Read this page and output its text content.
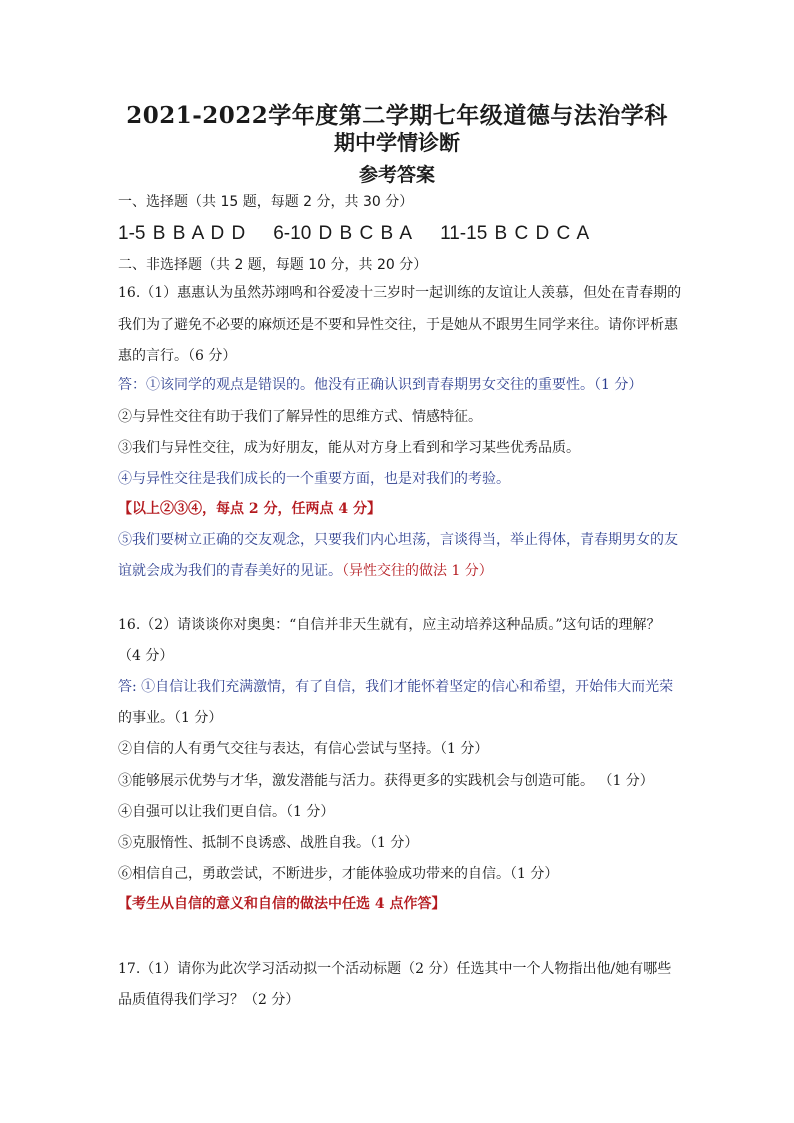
2021-2022学年度第二学期七年级道德与法治学科
期中学情诊断
参考答案
一、选择题（共 15 题，每题 2 分，共 30 分）
1-5 B B A D D 6-10 D B C B A 11-15 B C D C A
二、非选择题（共 2 题，每题 10 分，共 20 分）
16.（1）惠惠认为虽然苏翊鸣和谷爱凌十三岁时一起训练的友谊让人羡慕，但处在青春期的
我们为了避免不必要的麻烦还是不要和异性交往，于是她从不跟男生同学来往。请你评析惠
惠的言行。（6 分）
答：①该同学的观点是错误的。他没有正确认识到青春期男女交往的重要性。（1 分）
②与异性交往有助于我们了解异性的思维方式、情感特征。
③我们与异性交往，成为好朋友，能从对方身上看到和学习某些优秀品质。
④与异性交往是我们成长的一个重要方面，也是对我们的考验。
【以上②③④，每点 2 分，任两点 4 分】
⑤我们要树立正确的交友观念，只要我们内心坦荡，言谈得当，举止得体，青春期男女的友
谊就会成为我们的青春美好的见证。（异性交往的做法 1 分）
16.（2）请谈谈你对奥奥：“自信并非天生就有，应主动培养这种品质。”这句话的理解？
（4 分）
答: ①自信让我们充满激情，有了自信，我们才能怀着坚定的信心和希望，开始伟大而光荣
的事业。（1 分）
②自信的人有勇气交往与表达，有信心尝试与坚持。（1 分）
③能够展示优势与才华，激发潜能与活力。获得更多的实践机会与创造可能。 （1 分）
④自强可以让我们更自信。（1 分）
⑤克服惰性、抵制不良诱惑、战胜自我。（1 分）
⑥相信自己，勇敢尝试，不断进步，才能体验成功带来的自信。（1 分）
【考生从自信的意义和自信的做法中任选 4 点作答】
17.（1）请你为此次学习活动拟一个活动标题（2 分）任选其中一个人物指出他/她有哪些
品质值得我们学习？（2 分）
